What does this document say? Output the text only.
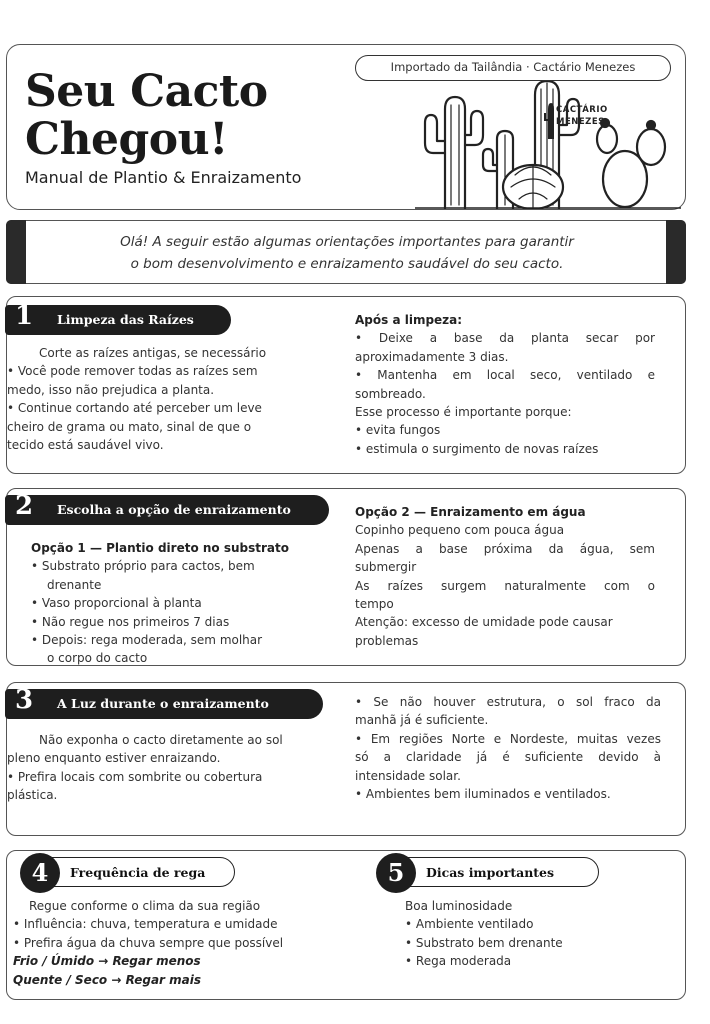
Seu Cacto
Chegou!
Manual de Plantio & Enraizamento
Importado da Tailândia · Cactário Menezes
CACTÁRIO
MENEZES

Olá! A seguir estão algumas orientações importantes para garantir

o bom desenvolvimento e enraizamento saudável do seu cacto.

1 Limpeza das Raízes
Corte as raízes antigas, se necessário
• Você pode remover todas as raízes sem
medo, isso não prejudica a planta.
• Continue cortando até perceber um leve
cheiro de grama ou mato, sinal de que o
tecido está saudável vivo.
Após a limpeza:
• Deixe a base da planta secar por
aproximadamente 3 dias.
• Mantenha em local seco, ventilado e
sombreado.
Esse processo é importante porque:
• evita fungos
• estimula o surgimento de novas raízes
2 Escolha a opção de enraizamento
Opção 1 — Plantio direto no substrato
• Substrato próprio para cactos, bem
drenante
• Vaso proporcional à planta
• Não regue nos primeiros 7 dias
• Depois: rega moderada, sem molhar
o corpo do cacto
Opção 2 — Enraizamento em água
Copinho pequeno com pouca água
Apenas a base próxima da água, sem
submergir
As raízes surgem naturalmente com o
tempo
Atenção: excesso de umidade pode causar
problemas
3 A Luz durante o enraizamento
Não exponha o cacto diretamente ao sol
pleno enquanto estiver enraizando.
• Prefira locais com sombrite ou cobertura
plástica.
• Se não houver estrutura, o sol fraco da
manhã já é suficiente.
• Em regiões Norte e Nordeste, muitas vezes
só a claridade já é suficiente devido à
intensidade solar.
• Ambientes bem iluminados e ventilados.
4	Frequência de rega	5	Dicas importantes
Regue conforme o clima da sua região
• Influência: chuva, temperatura e umidade
• Prefira água da chuva sempre que possível
Frio / Úmido → Regar menos
Quente / Seco → Regar mais
Boa luminosidade
• Ambiente ventilado
• Substrato bem drenante
• Rega moderada
